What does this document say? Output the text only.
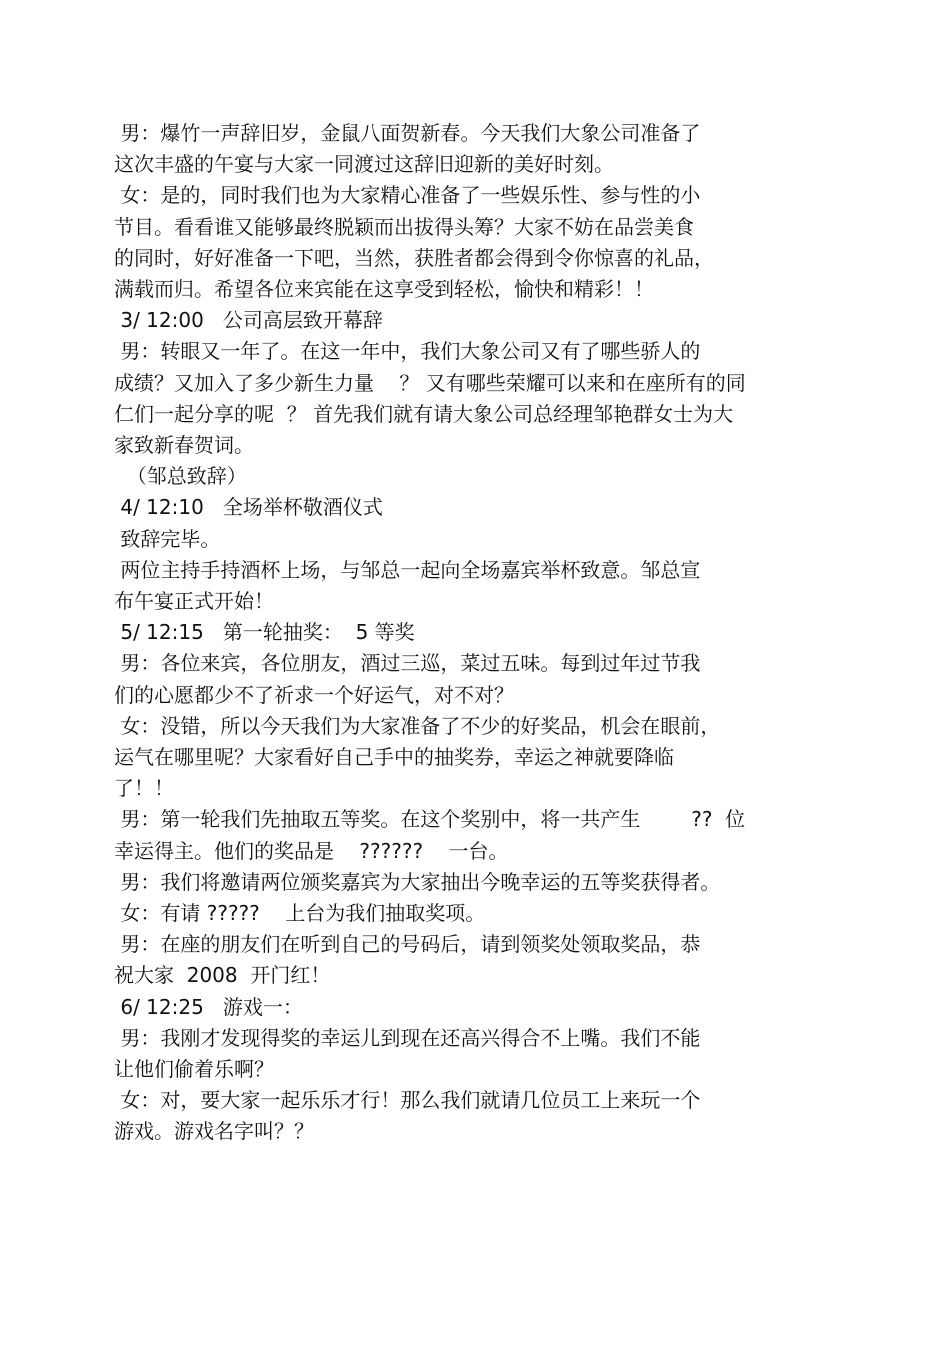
男：爆竹一声辞旧岁，金鼠八面贺新春。今天我们大象公司准备了
这次丰盛的午宴与大家一同渡过这辞旧迎新的美好时刻。
女：是的，同时我们也为大家精心准备了一些娱乐性、参与性的小
节目。看看谁又能够最终脱颖而出拔得头筹？大家不妨在品尝美食
的同时，好好准备一下吧，当然，获胜者都会得到令你惊喜的礼品，
满载而归。希望各位来宾能在这享受到轻松，愉快和精彩！！
3/ 12:00   公司高层致开幕辞
男：转眼又一年了。在这一年中，我们大象公司又有了哪些骄人的
成绩？又加入了多少新生力量    ？ 又有哪些荣耀可以来和在座所有的同
仁们一起分享的呢  ？ 首先我们就有请大象公司总经理邹艳群女士为大
家致新春贺词。
（邹总致辞）
4/ 12:10   全场举杯敬酒仪式
致辞完毕。
两位主持手持酒杯上场，与邹总一起向全场嘉宾举杯致意。邹总宣
布午宴正式开始！
5/ 12:15   第一轮抽奖：  5 等奖
男：各位来宾，各位朋友，酒过三巡，菜过五味。每到过年过节我
们的心愿都少不了祈求一个好运气，对不对？
女：没错，所以今天我们为大家准备了不少的好奖品，机会在眼前，
运气在哪里呢？大家看好自己手中的抽奖券，幸运之神就要降临
了！！
男：第一轮我们先抽取五等奖。在这个奖别中，将一共产生        ??  位
幸运得主。他们的奖品是    ??????    一台。
男：我们将邀请两位颁奖嘉宾为大家抽出今晚幸运的五等奖获得者。
女：有请 ?????    上台为我们抽取奖项。
男：在座的朋友们在听到自己的号码后，请到领奖处领取奖品，恭
祝大家  2008  开门红！
6/ 12:25   游戏一：
男：我刚才发现得奖的幸运儿到现在还高兴得合不上嘴。我们不能
让他们偷着乐啊？
女：对，要大家一起乐乐才行！那么我们就请几位员工上来玩一个
游戏。游戏名字叫？？
